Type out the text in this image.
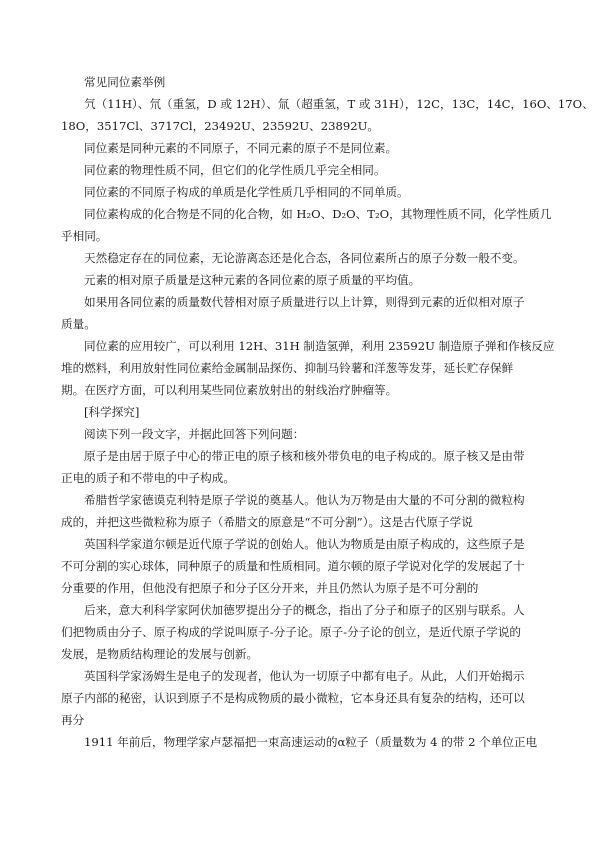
常见同位素举例
氕（11H）、氘（重氢，D 或 12H）、氚（超重氢，T 或 31H），12C，13C，14C，16O、17O、
18O，3517Cl、3717Cl，23492U、23592U、23892U。
同位素是同种元素的不同原子，不同元素的原子不是同位素。
同位素的物理性质不同，但它们的化学性质几乎完全相同。
同位素的不同原子构成的单质是化学性质几乎相同的不同单质。
同位素构成的化合物是不同的化合物，如 H₂O、D₂O、T₂O，其物理性质不同，化学性质几
乎相同。
天然稳定存在的同位素，无论游离态还是化合态，各同位素所占的原子分数一般不变。
元素的相对原子质量是这种元素的各同位素的原子质量的平均值。
如果用各同位素的质量数代替相对原子质量进行以上计算，则得到元素的近似相对原子
质量。
同位素的应用较广，可以利用 12H、31H 制造氢弹，利用 23592U 制造原子弹和作核反应
堆的燃料，利用放射性同位素给金属制品探伤、抑制马铃薯和洋葱等发芽，延长贮存保鲜
期。在医疗方面，可以利用某些同位素放射出的射线治疗肿瘤等。
[科学探究]
阅读下列一段文字，并据此回答下列问题：
原子是由居于原子中心的带正电的原子核和核外带负电的电子构成的。原子核又是由带
正电的质子和不带电的中子构成。
希腊哲学家德谟克利特是原子学说的奠基人。他认为万物是由大量的不可分割的微粒构
成的，并把这些微粒称为原子（希腊文的原意是“不可分割”）。这是古代原子学说
英国科学家道尔顿是近代原子学说的创始人。他认为物质是由原子构成的，这些原子是
不可分割的实心球体，同种原子的质量和性质相同。道尔顿的原子学说对化学的发展起了十
分重要的作用，但他没有把原子和分子区分开来，并且仍然认为原子是不可分割的
后来，意大利科学家阿伏加德罗提出分子的概念，指出了分子和原子的区别与联系。人
们把物质由分子、原子构成的学说叫原子-分子论。原子-分子论的创立，是近代原子学说的
发展，是物质结构理论的发展与创新。
英国科学家汤姆生是电子的发现者，他认为一切原子中都有电子。从此，人们开始揭示
原子内部的秘密，认识到原子不是构成物质的最小微粒，它本身还具有复杂的结构，还可以
再分
1911 年前后，物理学家卢瑟福把一束高速运动的α粒子（质量数为 4 的带 2 个单位正电
